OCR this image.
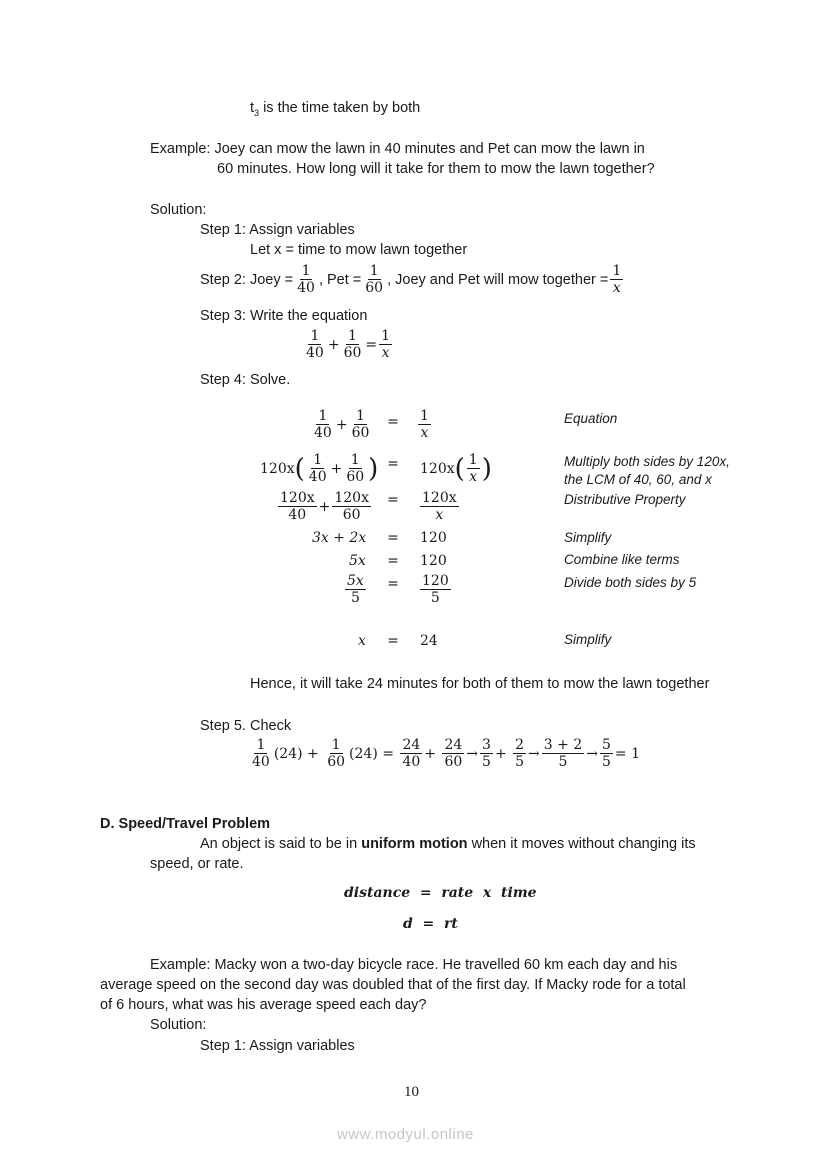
$t_3$ is the time taken by both
Example: Joey can mow the lawn in 40 minutes and Pet can mow the lawn in
60 minutes. How long will it take for them to mow the lawn together?
Solution:
Step 1: Assign variables
Let x = time to mow lawn together
Step 2: Joey = $\frac{1}{40}$ , Pet = $\frac{1}{60}$ , Joey and Pet will mow together = $\frac{1}{x}$
Step 3: Write the equation
$\frac{1}{40} + \frac{1}{60} = \frac{1}{x}$
Step 4: Solve.
$\frac{1}{40} + \frac{1}{60} = \frac{1}{x}$	Equation
120x ( $\frac{1}{40} + \frac{1}{60}$ ) = 120x ( $\frac{1}{x}$ )	Multiply both sides by 120x,
the LCM of 40, 60, and x
$\frac{120x}{40} + \frac{120x}{60} = \frac{120x}{x}$	Distributive Property
3x + 2x = 120	Simplify
5x = 120	Combine like terms
$\frac{5x}{5} = \frac{120}{5}$	Divide both sides by 5
x = 24	Simplify
Hence, it will take 24 minutes for both of them to mow the lawn together
Step 5. Check
$\frac{1}{40} (24)$
+
$\frac{1}{60} (24)$
=
$\frac{24}{40}$ +
$\frac{24}{60} \to \frac{3}{5}$ +
$\frac{2}{5} \to \frac{3 + 2}{5} \to \frac{5}{5} = 1$
D. Speed/Travel Problem
An object is said to be in uniform motion when it moves without changing its
speed, or rate.
distance  =  rate  x  time
d  =  rt
Example: Macky won a two-day bicycle race. He travelled 60 km each day and his
average speed on the second day was doubled that of the first day. If Macky rode for a total
of 6 hours, what was his average speed each day?
Solution:
Step 1: Assign variables
10
www.modyul.online
